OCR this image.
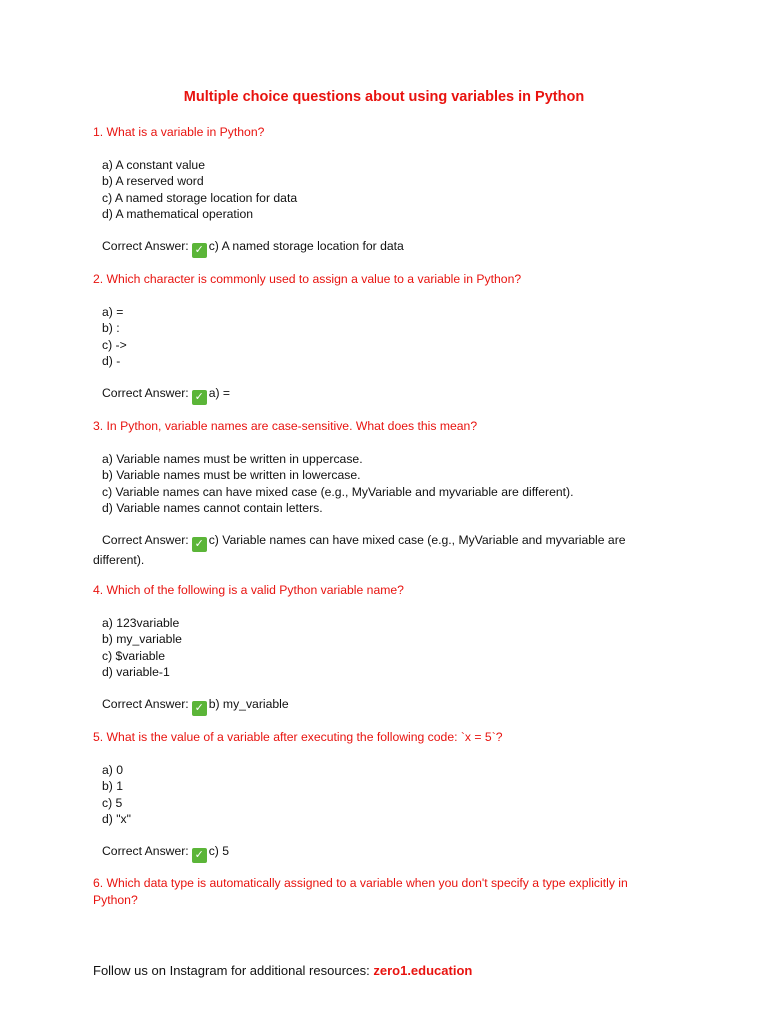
Multiple choice questions about using variables in Python
1. What is a variable in Python?
a) A constant value
b) A reserved word
c) A named storage location for data
d) A mathematical operation
Correct Answer: ✓ c) A named storage location for data
2. Which character is commonly used to assign a value to a variable in Python?
a) =
b) :
c) ->
d) -
Correct Answer: ✓ a) =
3. In Python, variable names are case-sensitive. What does this mean?
a) Variable names must be written in uppercase.
b) Variable names must be written in lowercase.
c) Variable names can have mixed case (e.g., MyVariable and myvariable are different).
d) Variable names cannot contain letters.
Correct Answer: ✓ c) Variable names can have mixed case (e.g., MyVariable and myvariable are different).
4. Which of the following is a valid Python variable name?
a) 123variable
b) my_variable
c) $variable
d) variable-1
Correct Answer: ✓ b) my_variable
5. What is the value of a variable after executing the following code: `x = 5`?
a) 0
b) 1
c) 5
d) "x"
Correct Answer: ✓ c) 5
6. Which data type is automatically assigned to a variable when you don't specify a type explicitly in Python?
Follow us on Instagram for additional resources: zero1.education
